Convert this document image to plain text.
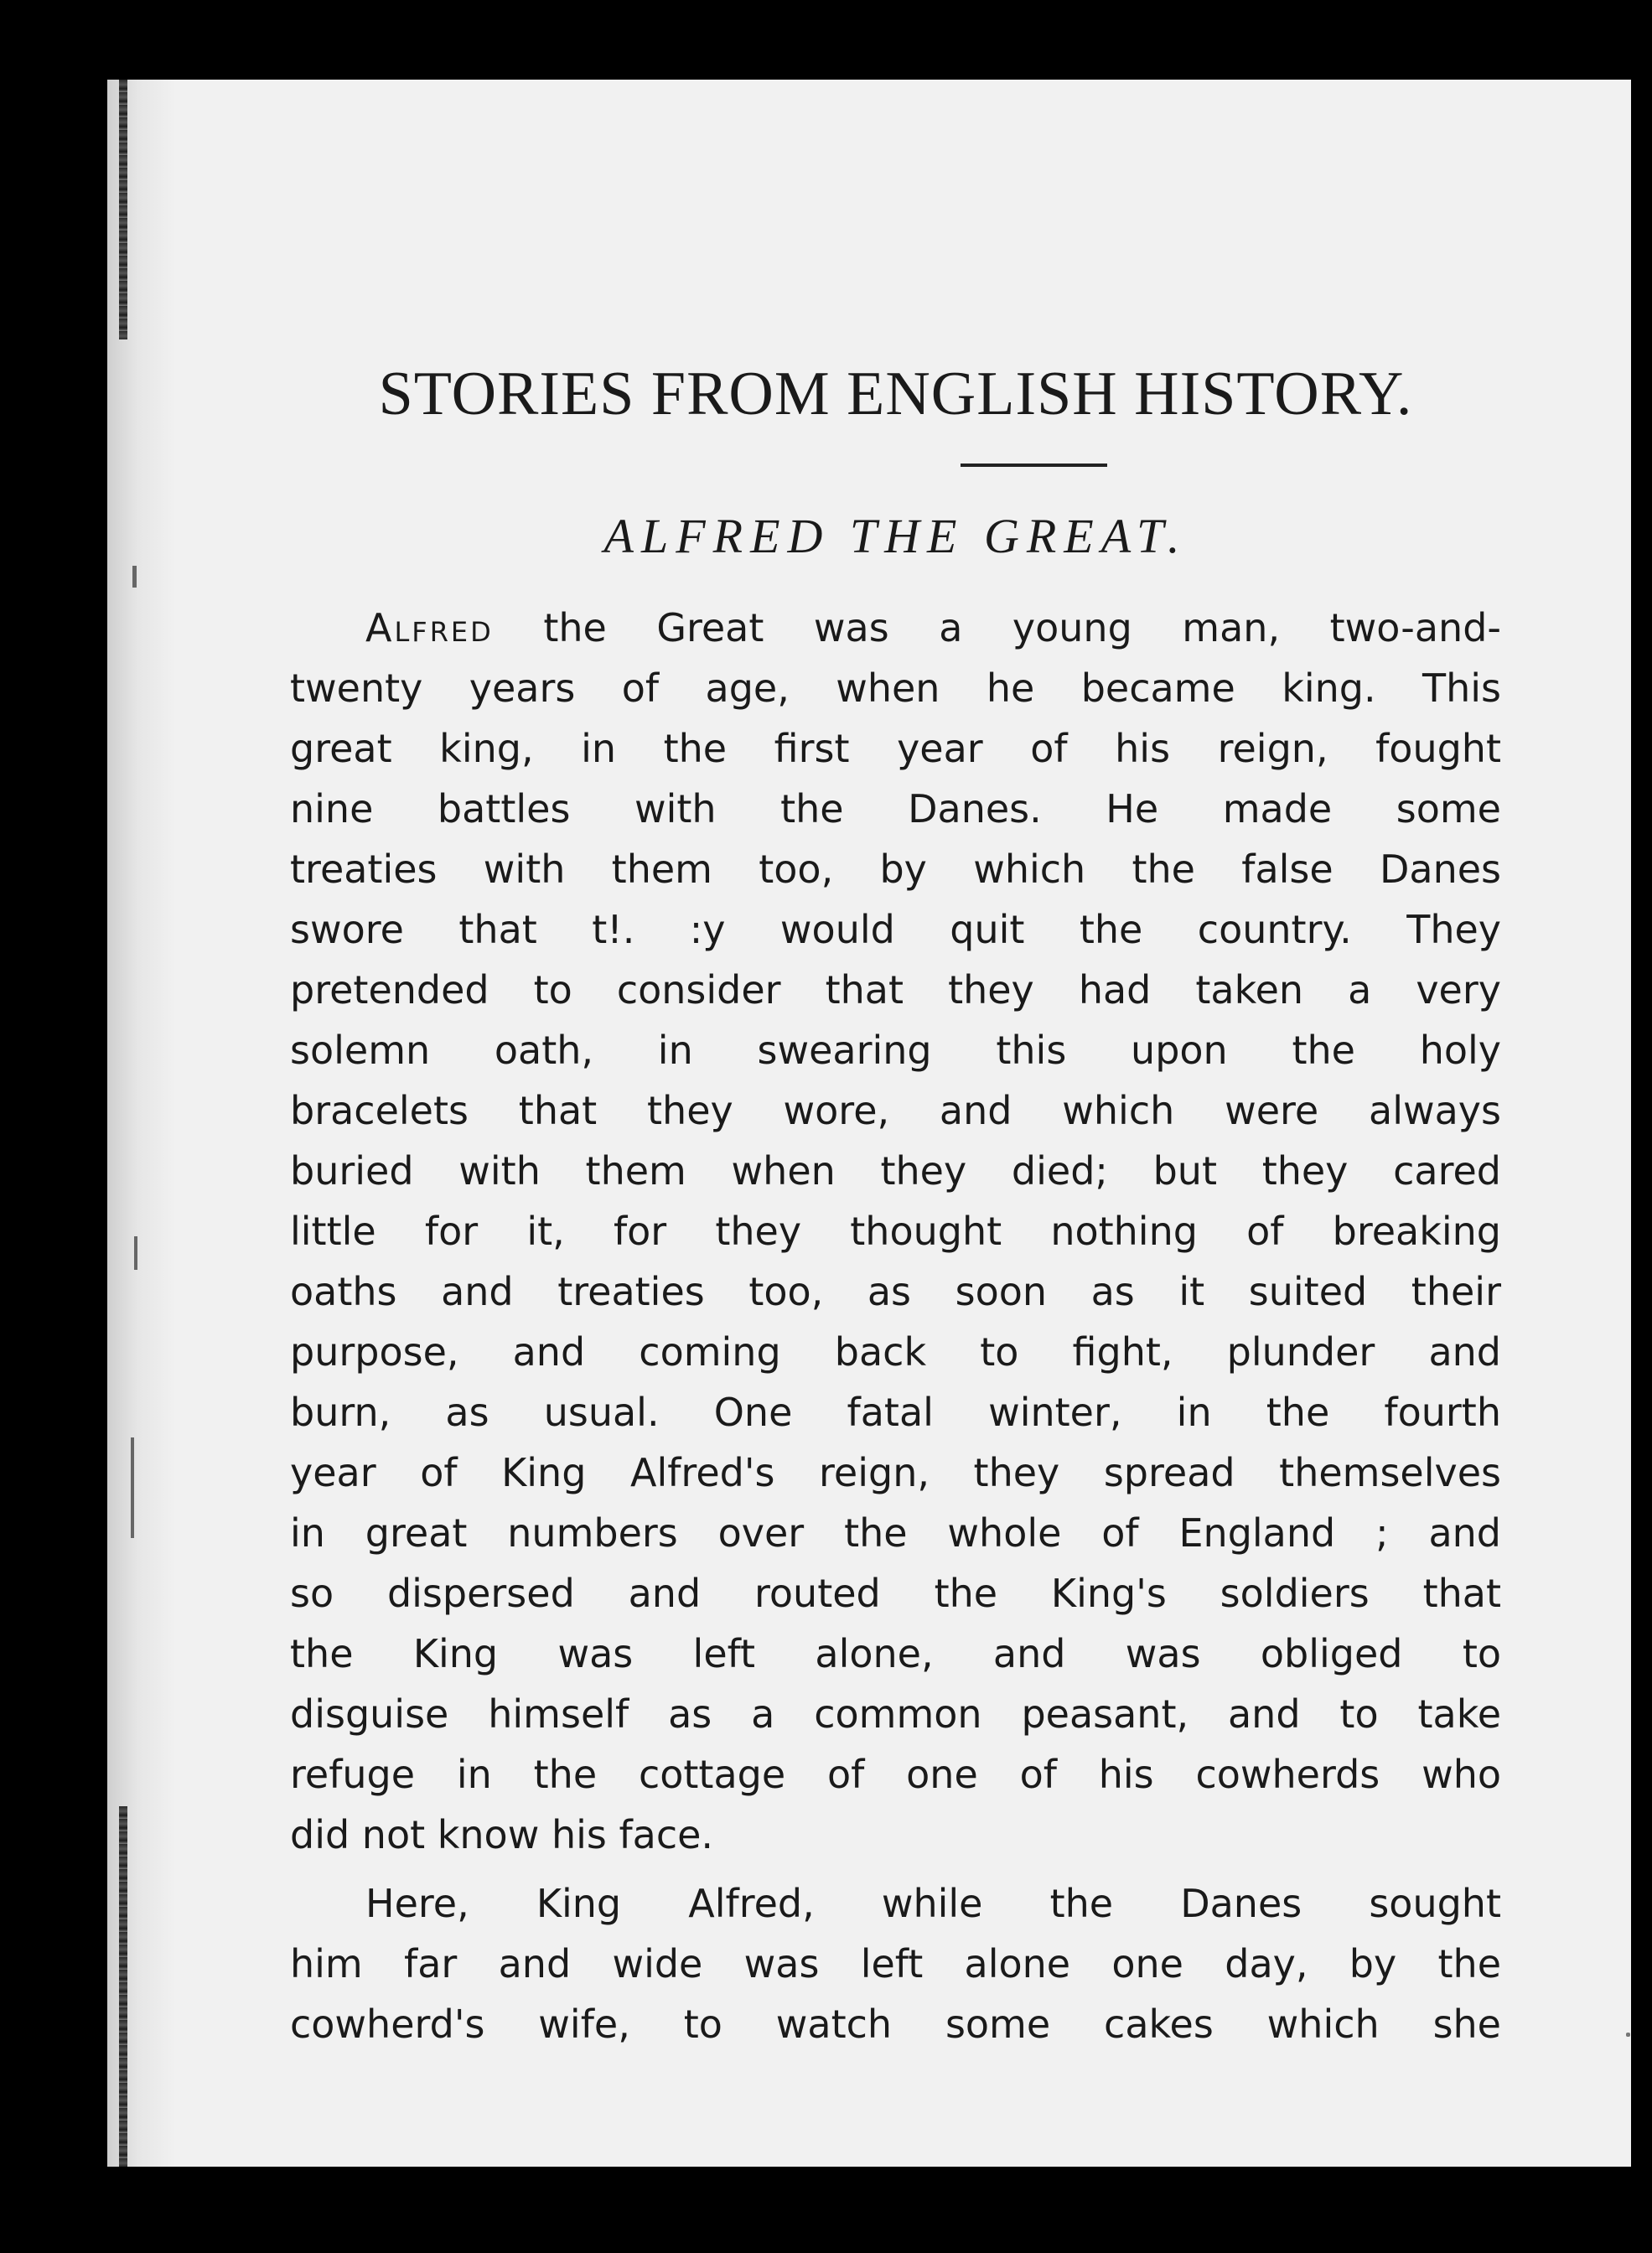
STORIES FROM ENGLISH HISTORY.
ALFRED THE GREAT.

Alfred the Great was a young man, two-and-

twenty years of age, when he became king. This

great king, in the first year of his reign, fought

nine battles with the Danes. He made some

treaties with them too, by which the false Danes

swore that t!. :y would quit the country. They

pretended to consider that they had taken a very

solemn oath, in swearing this upon the holy

bracelets that they wore, and which were always

buried with them when they died; but they cared

little for it, for they thought nothing of breaking

oaths and treaties too, as soon as it suited their

purpose, and coming back to fight, plunder and

burn, as usual. One fatal winter, in the fourth

year of King Alfred's reign, they spread themselves

in great numbers over the whole of England ; and

so dispersed and routed the King's soldiers that

the King was left alone, and was obliged to

disguise himself as a common peasant, and to take

refuge in the cottage of one of his cowherds who

did not know his face.

Here, King Alfred, while the Danes sought

him far and wide was left alone one day, by the

cowherd's wife, to watch some cakes which she
